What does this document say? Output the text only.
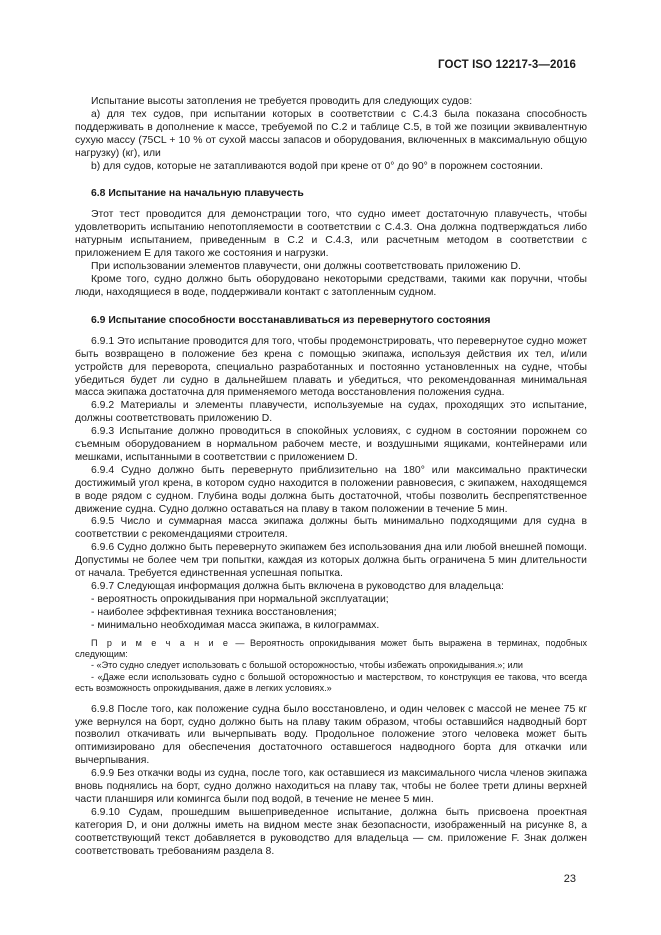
ГОСТ ISO 12217-3—2016

Испытание высоты затопления не требуется проводить для следующих судов:

а) для тех судов, при испытании которых в соответствии с С.4.3 была показана способность поддерживать в дополнение к массе, требуемой по С.2 и таблице С.5, в той же позиции эквивалентную сухую массу (75CL + 10 % от сухой массы запасов и оборудования, включенных в максимальную общую нагрузку) (кг), или

b) для судов, которые не затапливаются водой при крене от 0° до 90° в порожнем состоянии.

6.8 Испытание на начальную плавучесть

Этот тест проводится для демонстрации того, что судно имеет достаточную плавучесть, чтобы удовлетворить испытанию непотопляемости в соответствии с С.4.3. Она должна подтверждаться либо натурным испытанием, приведенным в С.2 и С.4.3, или расчетным методом в соответствии с приложением Е для такого же состояния и нагрузки.

При использовании элементов плавучести, они должны соответствовать приложению D.

Кроме того, судно должно быть оборудовано некоторыми средствами, такими как поручни, чтобы люди, находящиеся в воде, поддерживали контакт с затопленным судном.

6.9 Испытание способности восстанавливаться из перевернутого состояния

6.9.1 Это испытание проводится для того, чтобы продемонстрировать, что перевернутое судно может быть возвращено в положение без крена с помощью экипажа, используя действия их тел, и/или устройств для переворота, специально разработанных и постоянно установленных на судне, чтобы убедиться будет ли судно в дальнейшем плавать и убедиться, что рекомендованная минимальная масса экипажа достаточна для применяемого метода восстановления положения судна.

6.9.2 Материалы и элементы плавучести, используемые на судах, проходящих это испытание, должны соответствовать приложению D.

6.9.3 Испытание должно проводиться в спокойных условиях, с судном в состоянии порожнем со съемным оборудованием в нормальном рабочем месте, и воздушными ящиками, контейнерами или мешками, испытанными в соответствии с приложением D.

6.9.4 Судно должно быть перевернуто приблизительно на 180° или максимально практически достижимый угол крена, в котором судно находится в положении равновесия, с экипажем, находящемся в воде рядом с судном. Глубина воды должна быть достаточной, чтобы позволить беспрепятственное движение судна. Судно должно оставаться на плаву в таком положении в течение 5 мин.

6.9.5 Число и суммарная масса экипажа должны быть минимально подходящими для судна в соответствии с рекомендациями строителя.

6.9.6 Судно должно быть перевернуто экипажем без использования дна или любой внешней помощи. Допустимы не более чем три попытки, каждая из которых должна быть ограничена 5 мин длительности от начала. Требуется единственная успешная попытка.

6.9.7 Следующая информация должна быть включена в руководство для владельца:

- вероятность опрокидывания при нормальной эксплуатации;

- наиболее эффективная техника восстановления;

- минимально необходимая масса экипажа, в килограммах.

П р и м е ч а н и е — Вероятность опрокидывания может быть выражена в терминах, подобных следующим:

- «Это судно следует использовать с большой осторожностью, чтобы избежать опрокидывания.»; или

- «Даже если использовать судно с большой осторожностью и мастерством, то конструкция ее такова, что всегда есть возможность опрокидывания, даже в легких условиях.»

6.9.8 После того, как положение судна было восстановлено, и один человек с массой не менее 75 кг уже вернулся на борт, судно должно быть на плаву таким образом, чтобы оставшийся надводный борт позволил откачивать или вычерпывать воду. Продольное положение этого человека может быть оптимизировано для обеспечения достаточного оставшегося надводного борта для откачки или вычерпывания.

6.9.9 Без откачки воды из судна, после того, как оставшиеся из максимального числа членов экипажа вновь поднялись на борт, судно должно находиться на плаву так, чтобы не более трети длины верхней части планширя или комингса были под водой, в течение не менее 5 мин.

6.9.10 Судам, прошедшим вышеприведенное испытание, должна быть присвоена проектная категория D, и они должны иметь на видном месте знак безопасности, изображенный на рисунке 8, а соответствующий текст добавляется в руководство для владельца — см. приложение F. Знак должен соответствовать требованиям раздела 8.

23
